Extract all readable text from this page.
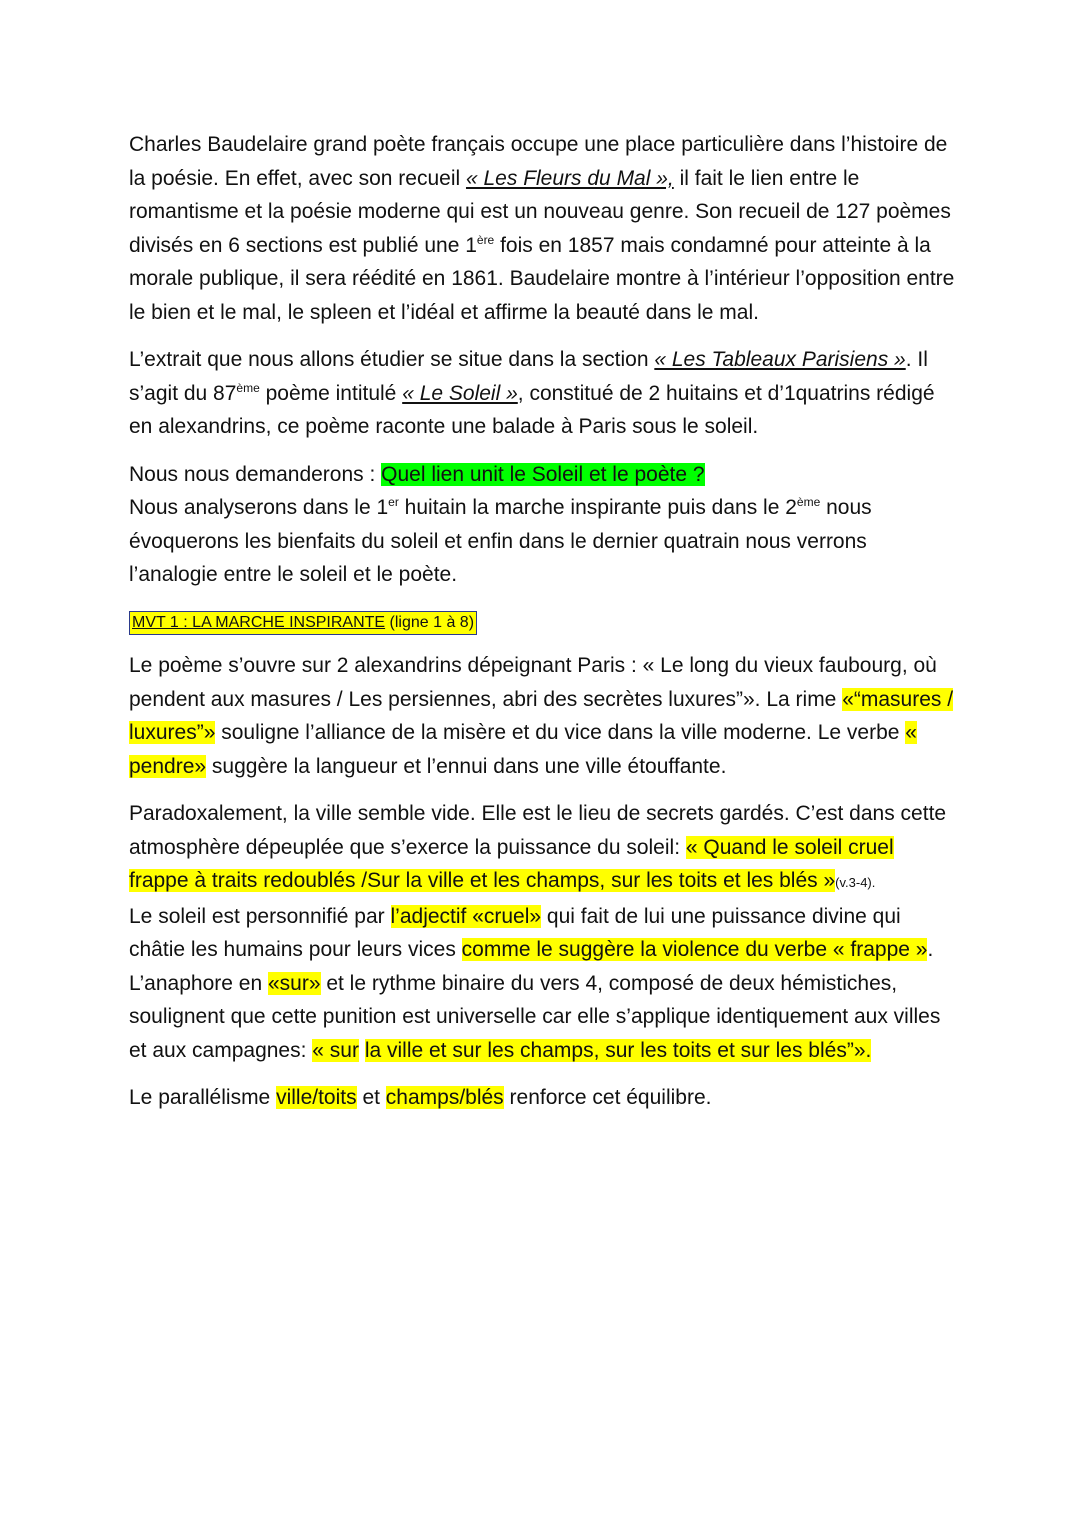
Charles Baudelaire grand poète français occupe une place particulière dans l’histoire de la poésie. En effet, avec son recueil « Les Fleurs du Mal », il fait le lien entre le romantisme et la poésie moderne qui est un nouveau genre. Son recueil de 127 poèmes divisés en 6 sections est publié une 1ère fois en 1857 mais condamné pour atteinte à la morale publique, il sera réédité en 1861. Baudelaire montre à l’intérieur l’opposition entre le bien et le mal, le spleen et l’idéal et affirme la beauté dans le mal.

L’extrait que nous allons étudier se situe dans la section « Les Tableaux Parisiens ». Il s’agit du 87ème poème intitulé « Le Soleil », constitué de 2 huitains et d’1quatrins rédigé en alexandrins, ce poème raconte une balade à Paris sous le soleil.

Nous nous demanderons : Quel lien unit le Soleil et le poète ?
Nous analyserons dans le 1er huitain la marche inspirante puis dans le 2ème nous évoquerons les bienfaits du soleil et enfin dans le dernier quatrain nous verrons l’analogie entre le soleil et le poète.

MVT 1 : LA MARCHE INSPIRANTE (ligne 1 à 8)

Le poème s’ouvre sur 2 alexandrins dépeignant Paris : « Le long du vieux faubourg, où pendent aux masures / Les persiennes, abri des secrètes luxures”». La rime «“masures / luxures”» souligne l’alliance de la misère et du vice dans la ville moderne. Le verbe « pendre» suggère la langueur et l’ennui dans une ville étouffante.

Paradoxalement, la ville semble vide. Elle est le lieu de secrets gardés. C’est dans cette atmosphère dépeuplée que s’exerce la puissance du soleil: « Quand le soleil cruel frappe à traits redoublés /Sur la ville et les champs, sur les toits et les blés »(v.3-4).
Le soleil est personnifié par l’adjectif «cruel» qui fait de lui une puissance divine qui châtie les humains pour leurs vices comme le suggère la violence du verbe « frappe ». L’anaphore en «sur» et le rythme binaire du vers 4, composé de deux hémistiches, soulignent que cette punition est universelle car elle s’applique identiquement aux villes et aux campagnes: « sur la ville et sur les champs, sur les toits et sur les blés”».

Le parallélisme ville/toits et champs/blés renforce cet équilibre.
